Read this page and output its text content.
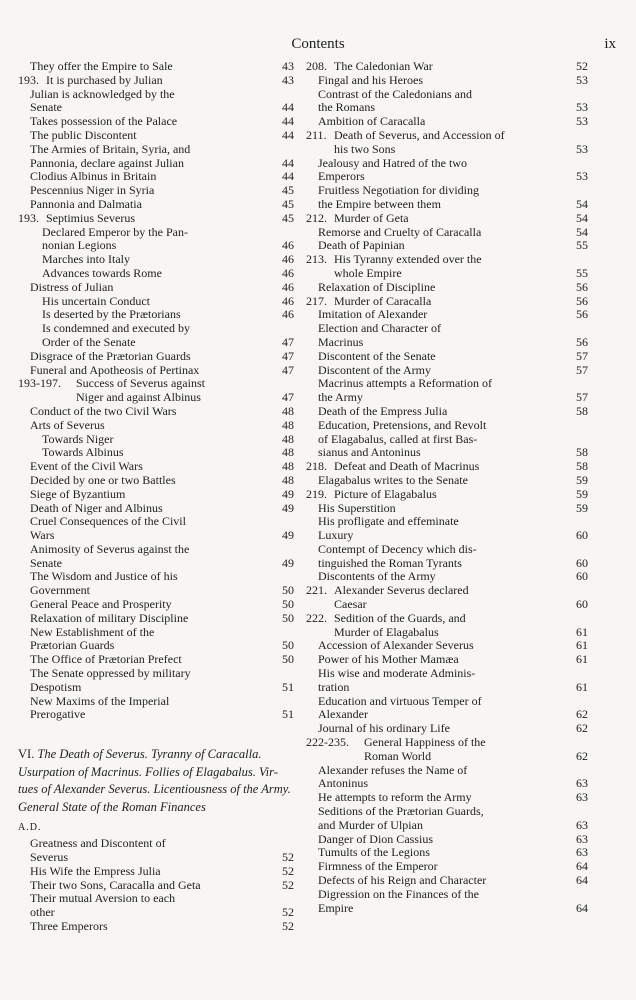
Contents	ix
They offer the Empire to Sale	43
193. It is purchased by Julian	43
Julian is acknowledged by the
Senate	44
Takes possession of the Palace	44
The public Discontent	44
The Armies of Britain, Syria, and
Pannonia, declare against Julian	44
Clodius Albinus in Britain	44
Pescennius Niger in Syria	45
Pannonia and Dalmatia	45
193. Septimius Severus	45
Declared Emperor by the Pan-
nonian Legions	46
Marches into Italy	46
Advances towards Rome	46
Distress of Julian	46
His uncertain Conduct	46
Is deserted by the Prætorians	46
Is condemned and executed by
Order of the Senate	47
Disgrace of the Prætorian Guards	47
Funeral and Apotheosis of Pertinax	47
193-197.	Success of Severus against
Niger and against Albinus	47
Conduct of the two Civil Wars	48
Arts of Severus	48
Towards Niger	48
Towards Albinus	48
Event of the Civil Wars	48
Decided by one or two Battles	48
Siege of Byzantium	49
Death of Niger and Albinus	49
Cruel Consequences of the Civil
Wars	49
Animosity of Severus against the
Senate	49
The Wisdom and Justice of his
Government	50
General Peace and Prosperity	50
Relaxation of military Discipline	50
New Establishment of the
Prætorian Guards	50
The Office of Prætorian Prefect	50
The Senate oppressed by military
Despotism	51
New Maxims of the Imperial
Prerogative	51
VI. The Death of Severus. Tyranny of Caracalla.
Usurpation of Macrinus. Follies of Elagabalus. Vir-
tues of Alexander Severus. Licentiousness of the Army.
General State of the Roman Finances
A.D.
Greatness and Discontent of
Severus	52
His Wife the Empress Julia	52
Their two Sons, Caracalla and Geta	52
Their mutual Aversion to each
other	52
Three Emperors	52
208. The Caledonian War	52
Fingal and his Heroes	53
Contrast of the Caledonians and
the Romans	53
Ambition of Caracalla	53
211. Death of Severus, and Accession of
his two Sons	53
Jealousy and Hatred of the two
Emperors	53
Fruitless Negotiation for dividing
the Empire between them	54
212. Murder of Geta	54
Remorse and Cruelty of Caracalla	54
Death of Papinian	55
213. His Tyranny extended over the
whole Empire	55
Relaxation of Discipline	56
217. Murder of Caracalla	56
Imitation of Alexander	56
Election and Character of
Macrinus	56
Discontent of the Senate	57
Discontent of the Army	57
Macrinus attempts a Reformation of
the Army	57
Death of the Empress Julia	58
Education, Pretensions, and Revolt
of Elagabalus, called at first Bas-
sianus and Antoninus	58
218. Defeat and Death of Macrinus	58
Elagabalus writes to the Senate	59
219. Picture of Elagabalus	59
His Superstition	59
His profligate and effeminate
Luxury	60
Contempt of Decency which dis-
tinguished the Roman Tyrants	60
Discontents of the Army	60
221. Alexander Severus declared
Caesar	60
222. Sedition of the Guards, and
Murder of Elagabalus	61
Accession of Alexander Severus	61
Power of his Mother Mamæa	61
His wise and moderate Adminis-
tration	61
Education and virtuous Temper of
Alexander	62
Journal of his ordinary Life	62
222-235.	General Happiness of the
Roman World	62
Alexander refuses the Name of
Antoninus	63
He attempts to reform the Army	63
Seditions of the Prætorian Guards,
and Murder of Ulpian	63
Danger of Dion Cassius	63
Tumults of the Legions	63
Firmness of the Emperor	64
Defects of his Reign and Character	64
Digression on the Finances of the
Empire	64
